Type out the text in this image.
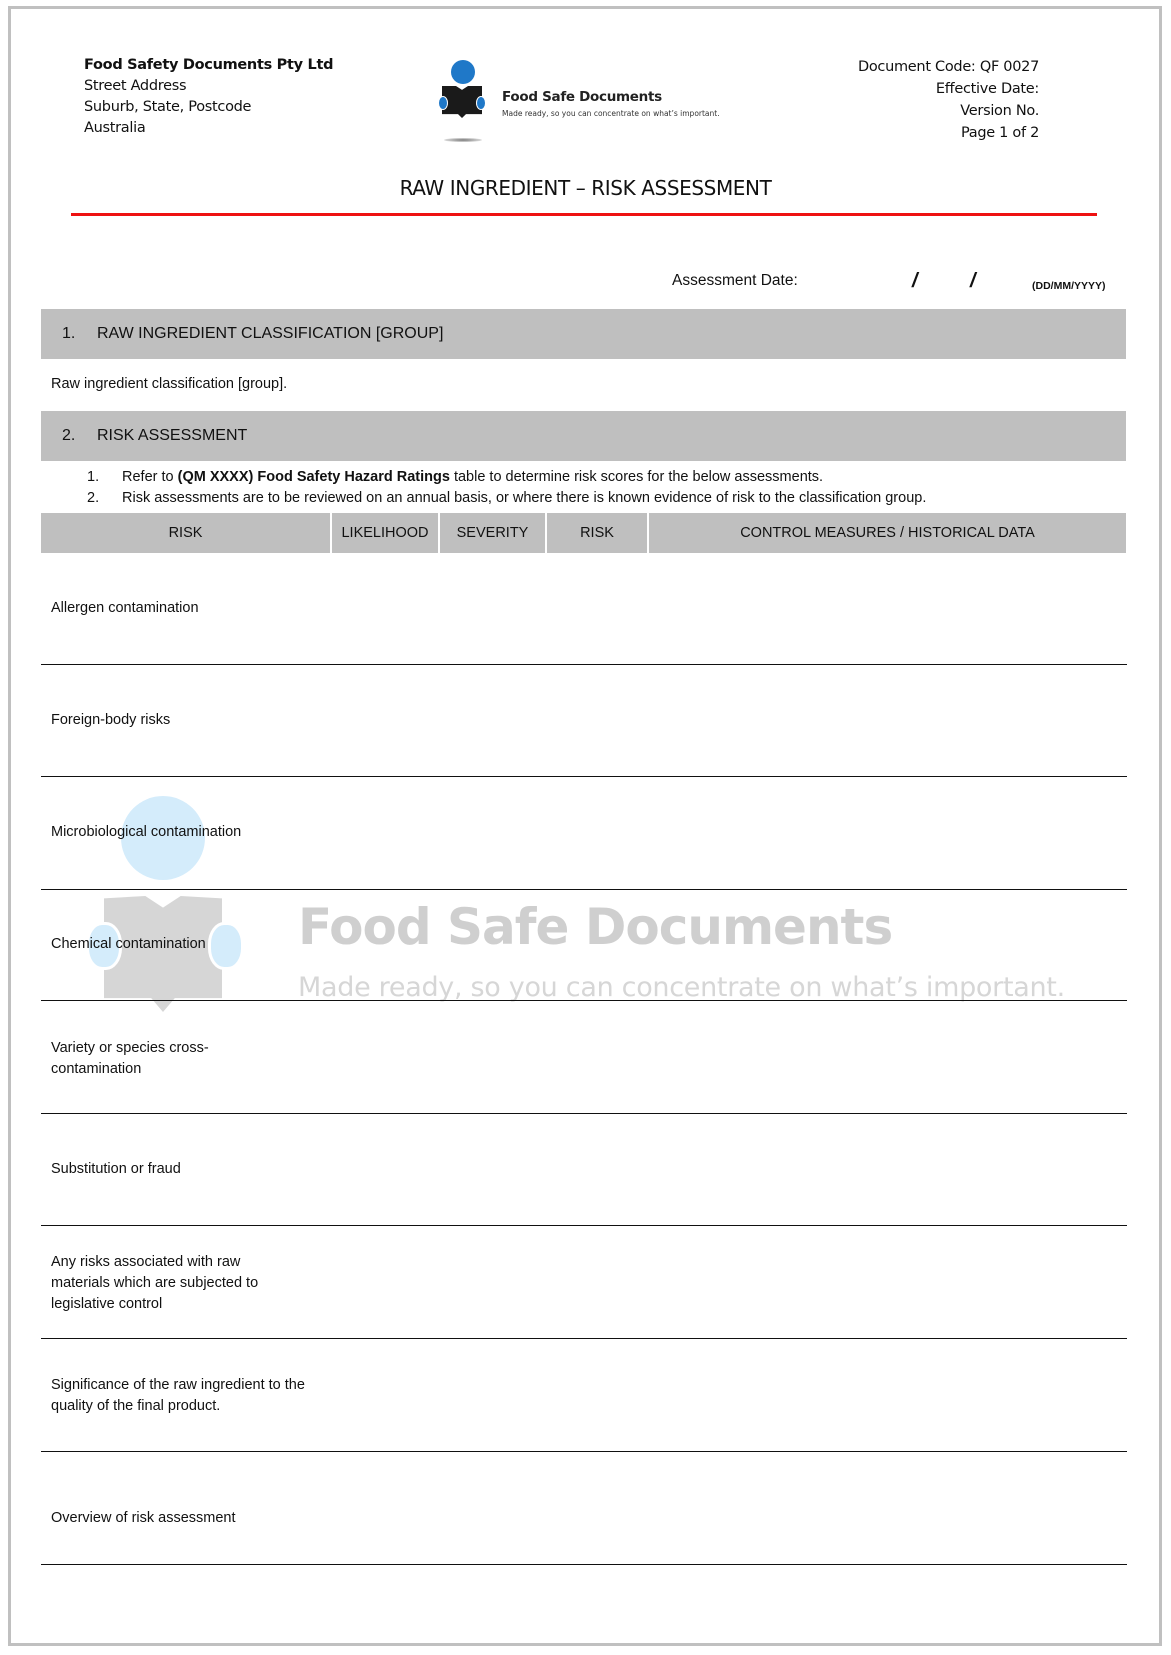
Food Safe Documents
Made ready, so you can concentrate on what’s important.
Food Safety Documents Pty Ltd
Street Address
Suburb, State, Postcode
Australia
Food Safe Documents
Made ready, so you can concentrate on what’s important.
Document Code: QF 0027
Effective Date:
Version No.
Page 1 of 2
RAW INGREDIENT – RISK ASSESSMENT
Assessment Date:	/	/	(DD/MM/YYYY)
1. RAW INGREDIENT CLASSIFICATION [GROUP]
Raw ingredient classification [group].
2. RISK ASSESSMENT
1. Refer to (QM XXXX) Food Safety Hazard Ratings table to determine risk scores for the below assessments.
2. Risk assessments are to be reviewed on an annual basis, or where there is known evidence of risk to the classification group.
RISK	LIKELIHOOD	SEVERITY	RISK	CONTROL MEASURES / HISTORICAL DATA
Allergen contamination
Foreign-body risks
Microbiological contamination
Chemical contamination
Variety or species cross-contamination
Substitution or fraud
Any risks associated with raw materials which are subjected to legislative control
Significance of the raw ingredient to the quality of the final product.
Overview of risk assessment
